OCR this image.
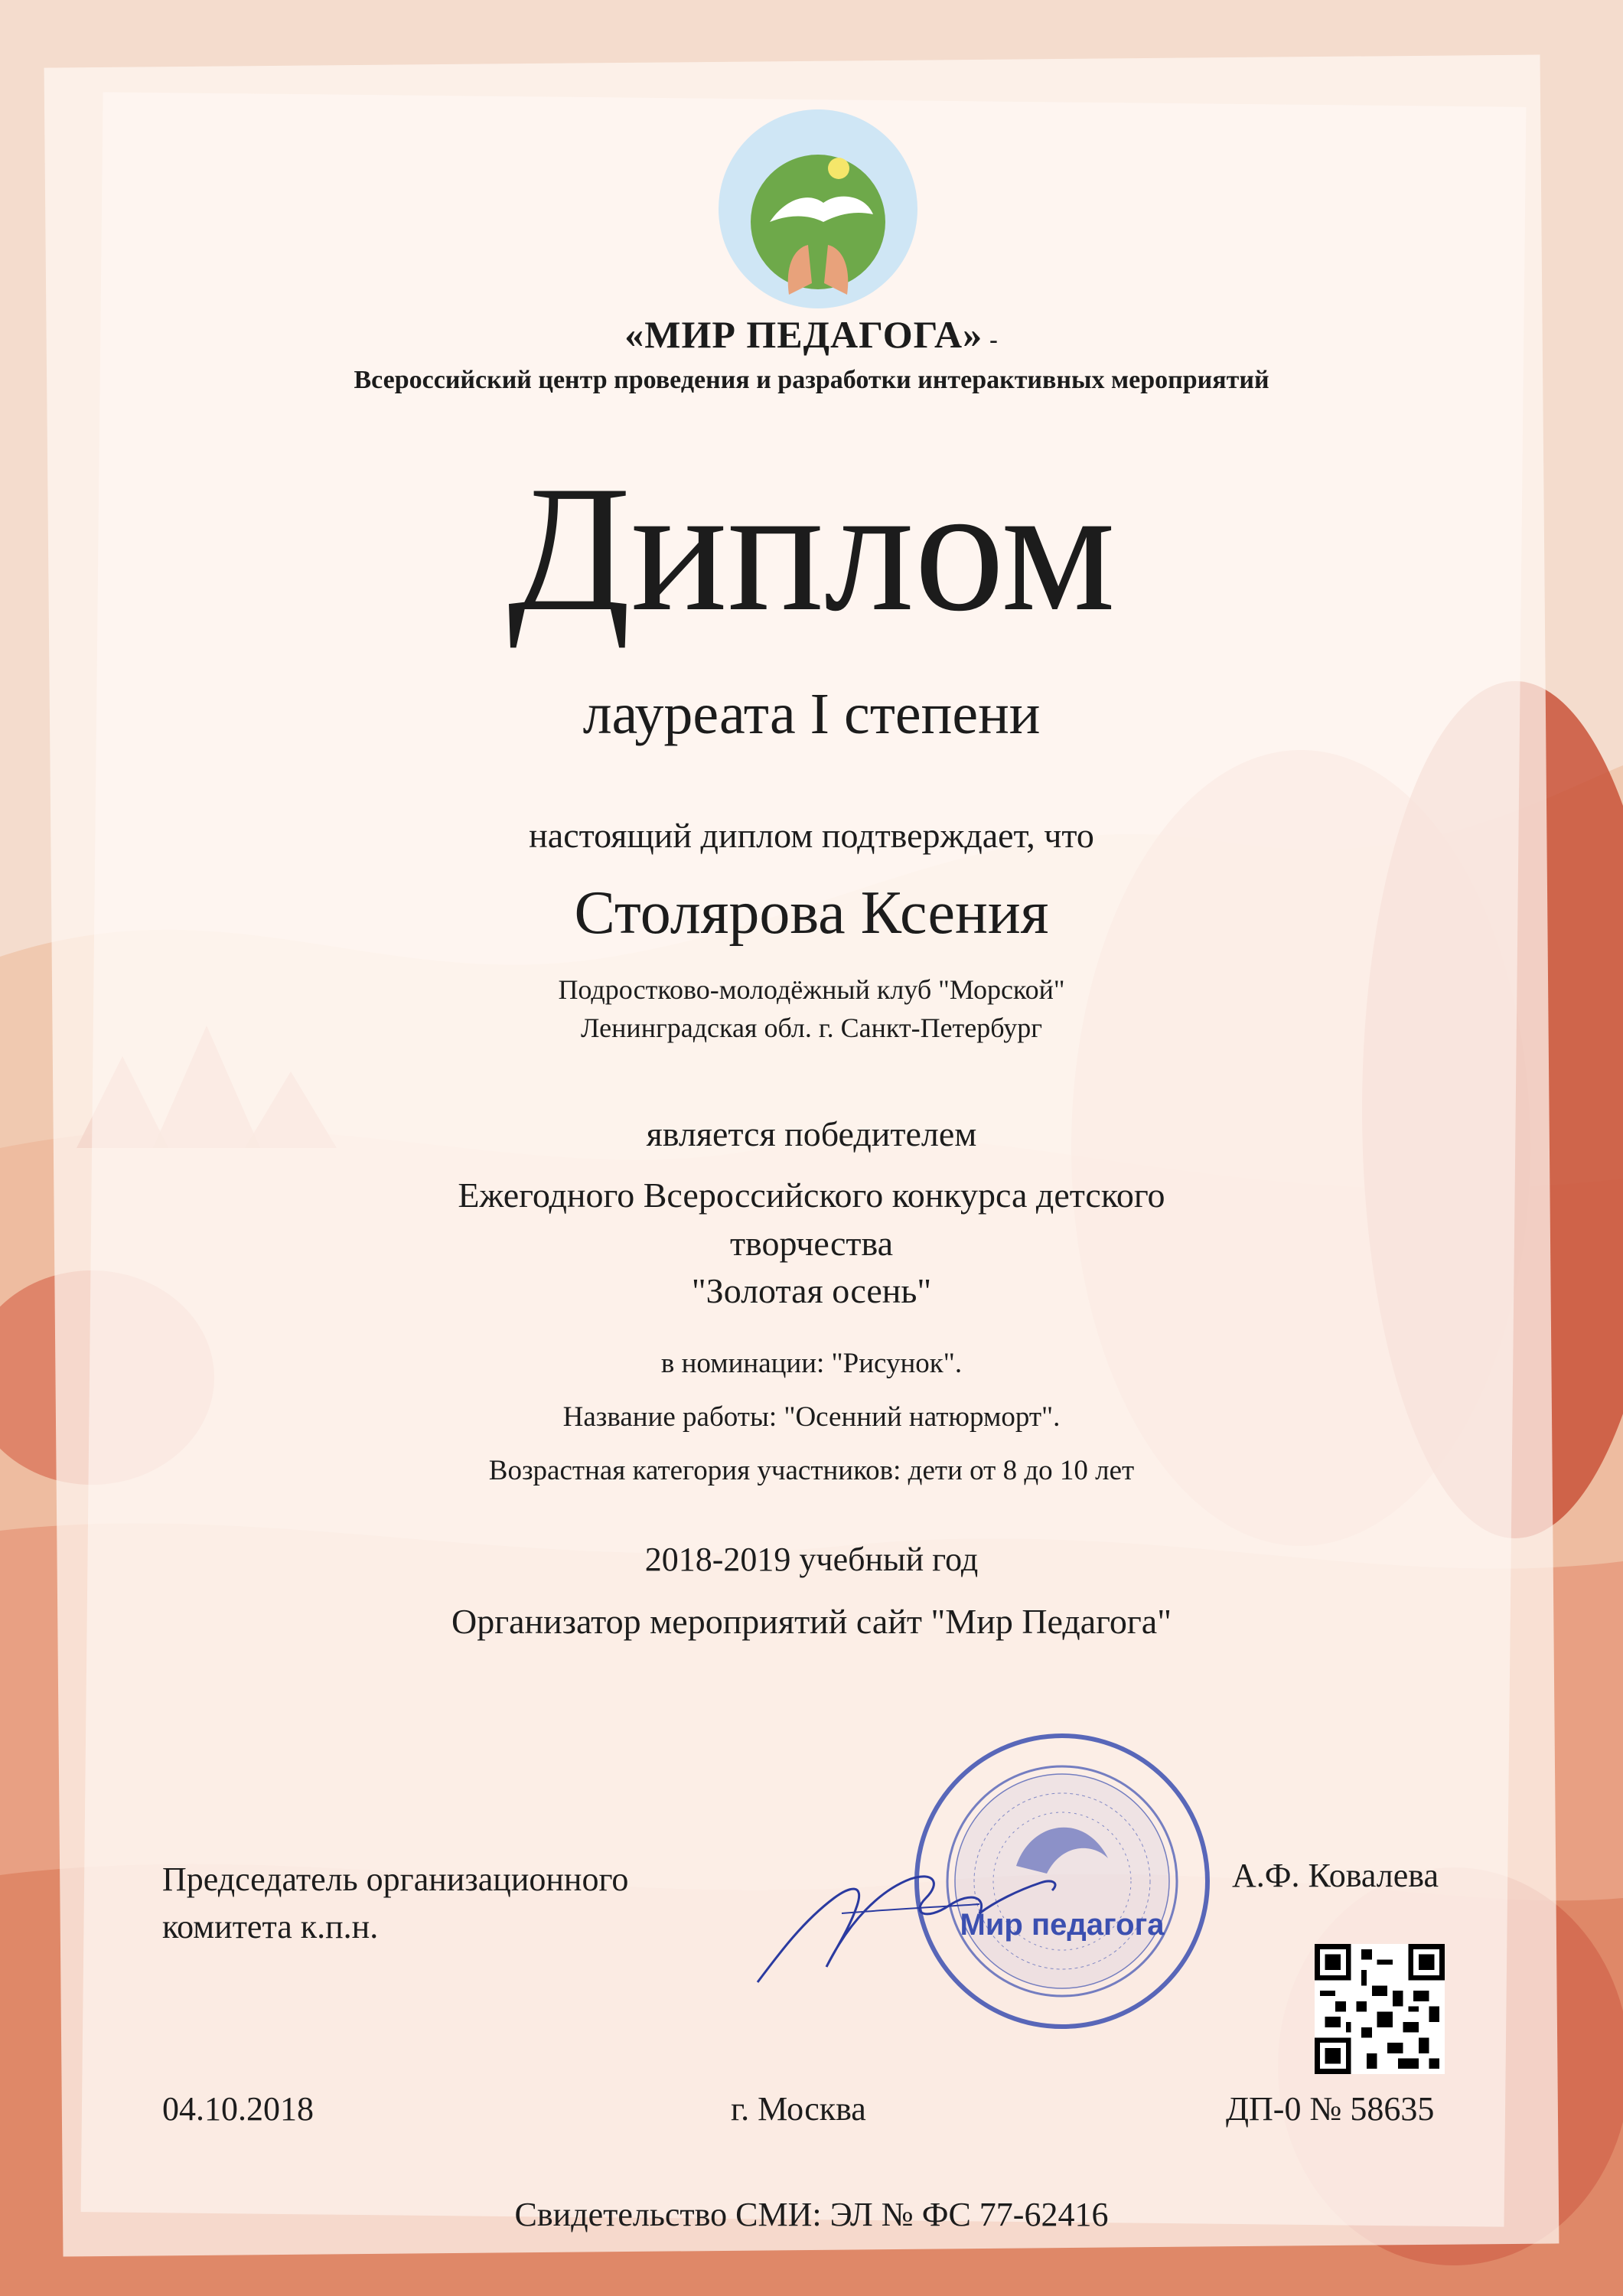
«МИР ПЕДАГОГА» -
Всероссийский центр проведения и разработки интерактивных мероприятий
Диплом
лауреата I степени
настоящий диплом подтверждает, что
Столярова Ксения
Подростково-молодёжный клуб "Морской"
Ленинградская обл. г. Санкт-Петербург
является победителем
Ежегодного Всероссийского конкурса детского
творчества
"Золотая осень"
в номинации: "Рисунок".
Название работы: "Осенний натюрморт".
Возрастная категория участников: дети от 8 до 10 лет
2018-2019 учебный год
Организатор мероприятий сайт "Мир Педагога"
Мир педагога
Председатель организационного
комитета к.п.н.
А.Ф. Ковалева
04.10.2018	г. Москва	ДП-0 № 58635
Свидетельство СМИ: ЭЛ № ФС 77-62416
